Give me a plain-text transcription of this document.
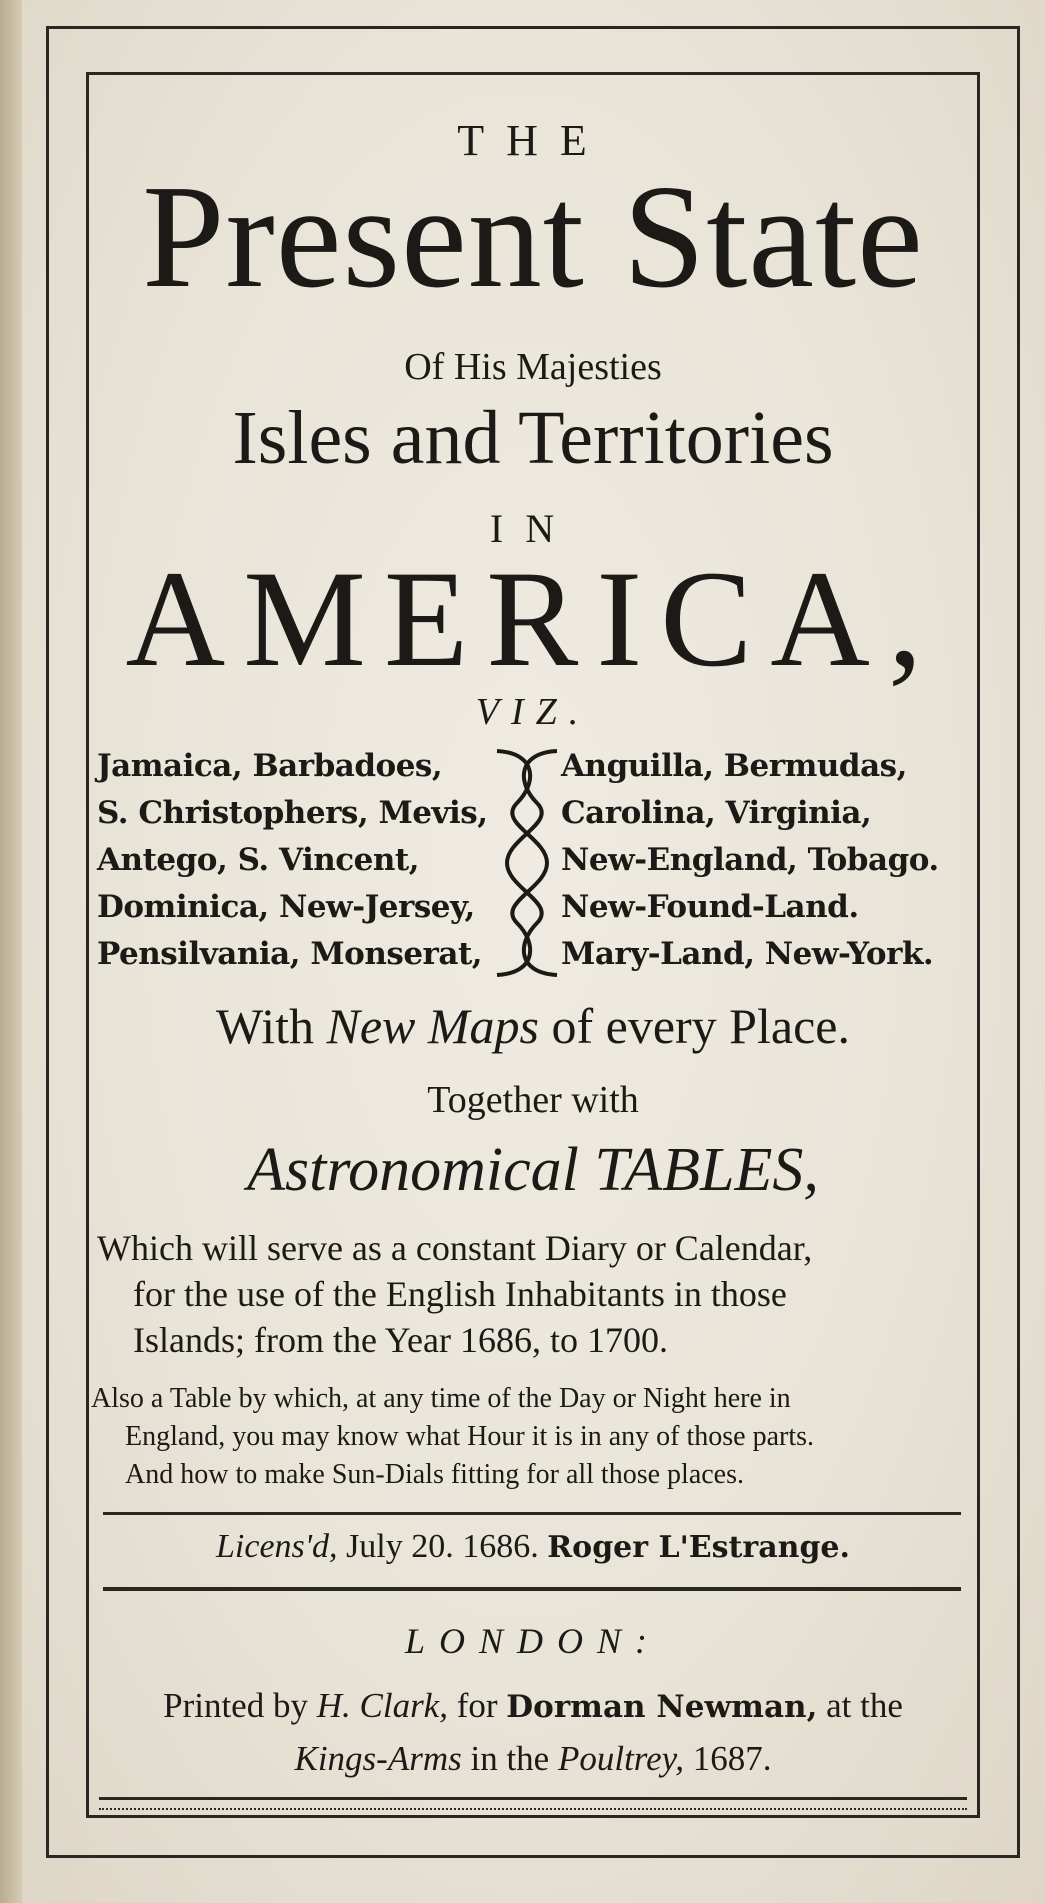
THE
Present State
Of His Majesties
Isles and Territories
IN
AMERICA,
VIZ.
Jamaica, Barbadoes,
S. Christophers, Mevis,
Antego, S. Vincent,
Dominica, New-Jersey,
Pensilvania, Monserat,
Anguilla, Bermudas,
Carolina, Virginia,
New-England, Tobago.
New-Found-Land.
Mary-Land, New-York.
With New Maps of every Place.
Together with
Astronomical TABLES,
Which will serve as a constant Diary or Calendar,
for the use of the English Inhabitants in those
Islands; from the Year 1686, to 1700.
Also a Table by which, at any time of the Day or Night here in
England, you may know what Hour it is in any of those parts.
And how to make Sun-Dials fitting for all those places.
Licens'd, July 20. 1686. Roger L'Estrange.
LONDON:
Printed by H. Clark, for Dorman Newman, at the
Kings-Arms in the Poultrey, 1687.
